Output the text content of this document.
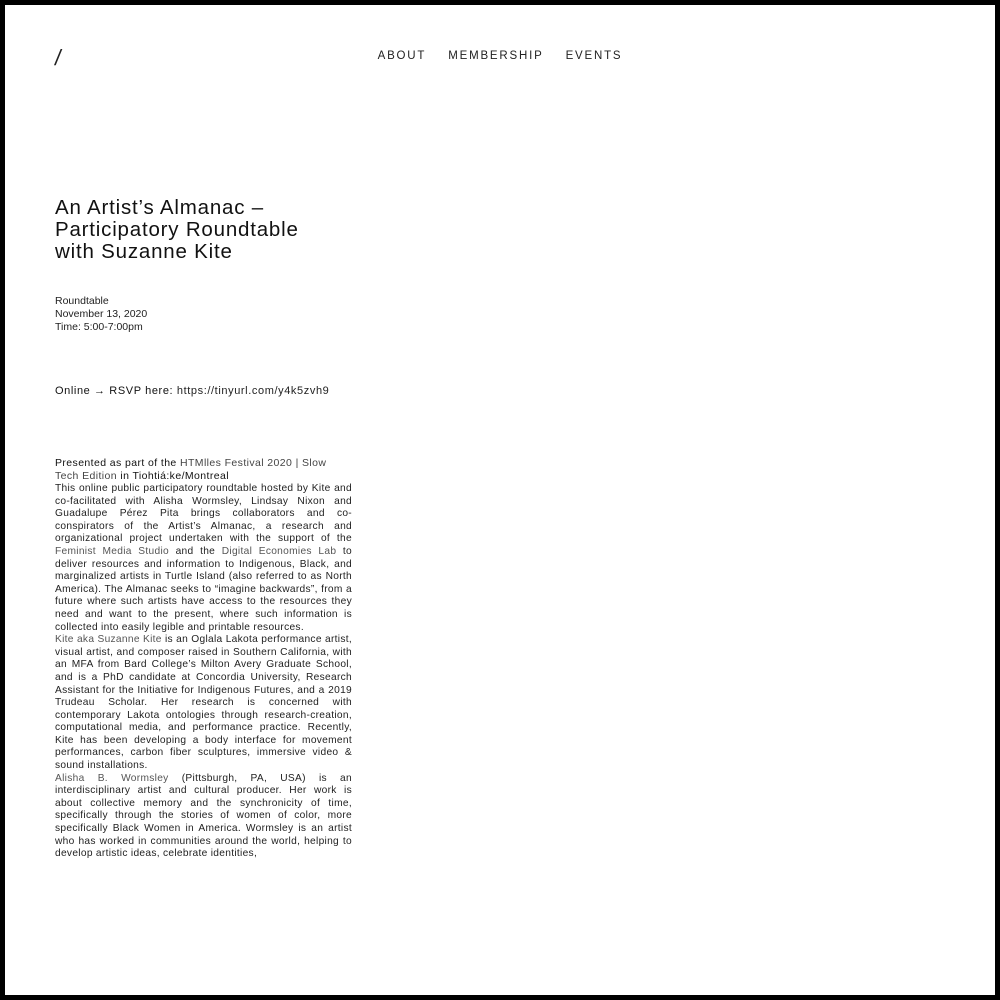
/	ABOUT MEMBERSHIP EVENTS
An Artist’s Almanac –
Participatory Roundtable
with Suzanne Kite
Roundtable
November 13, 2020
Time: 5:00-7:00pm
Online → RSVP here: https://tinyurl.com/y4k5zvh9
Presented as part of the HTMlles Festival 2020 | Slow Tech Edition in Tiohtiá:ke/Montreal

This online public participatory roundtable hosted by Kite and co-facilitated with Alisha Wormsley, Lindsay Nixon and Guadalupe Pérez Pita brings collaborators and co-conspirators of the Artist’s Almanac, a research and organizational project undertaken with the support of the Feminist Media Studio and the Digital Economies Lab to deliver resources and information to Indigenous, Black, and marginalized artists in Turtle Island (also referred to as North America). The Almanac seeks to “imagine backwards”, from a future where such artists have access to the resources they need and want to the present, where such information is collected into easily legible and printable resources.

Kite aka Suzanne Kite is an Oglala Lakota performance artist, visual artist, and composer raised in Southern California, with an MFA from Bard College’s Milton Avery Graduate School, and is a PhD candidate at Concordia University, Research Assistant for the Initiative for Indigenous Futures, and a 2019 Trudeau Scholar. Her research is concerned with contemporary Lakota ontologies through research-creation, computational media, and performance practice. Recently, Kite has been developing a body interface for movement performances, carbon fiber sculptures, immersive video & sound installations.

Alisha B. Wormsley (Pittsburgh, PA, USA) is an interdisciplinary artist and cultural producer. Her work is about collective memory and the synchronicity of time, specifically through the stories of women of color, more specifically Black Women in America. Wormsley is an artist who has worked in communities around the world, helping to develop artistic ideas, celebrate identities,
